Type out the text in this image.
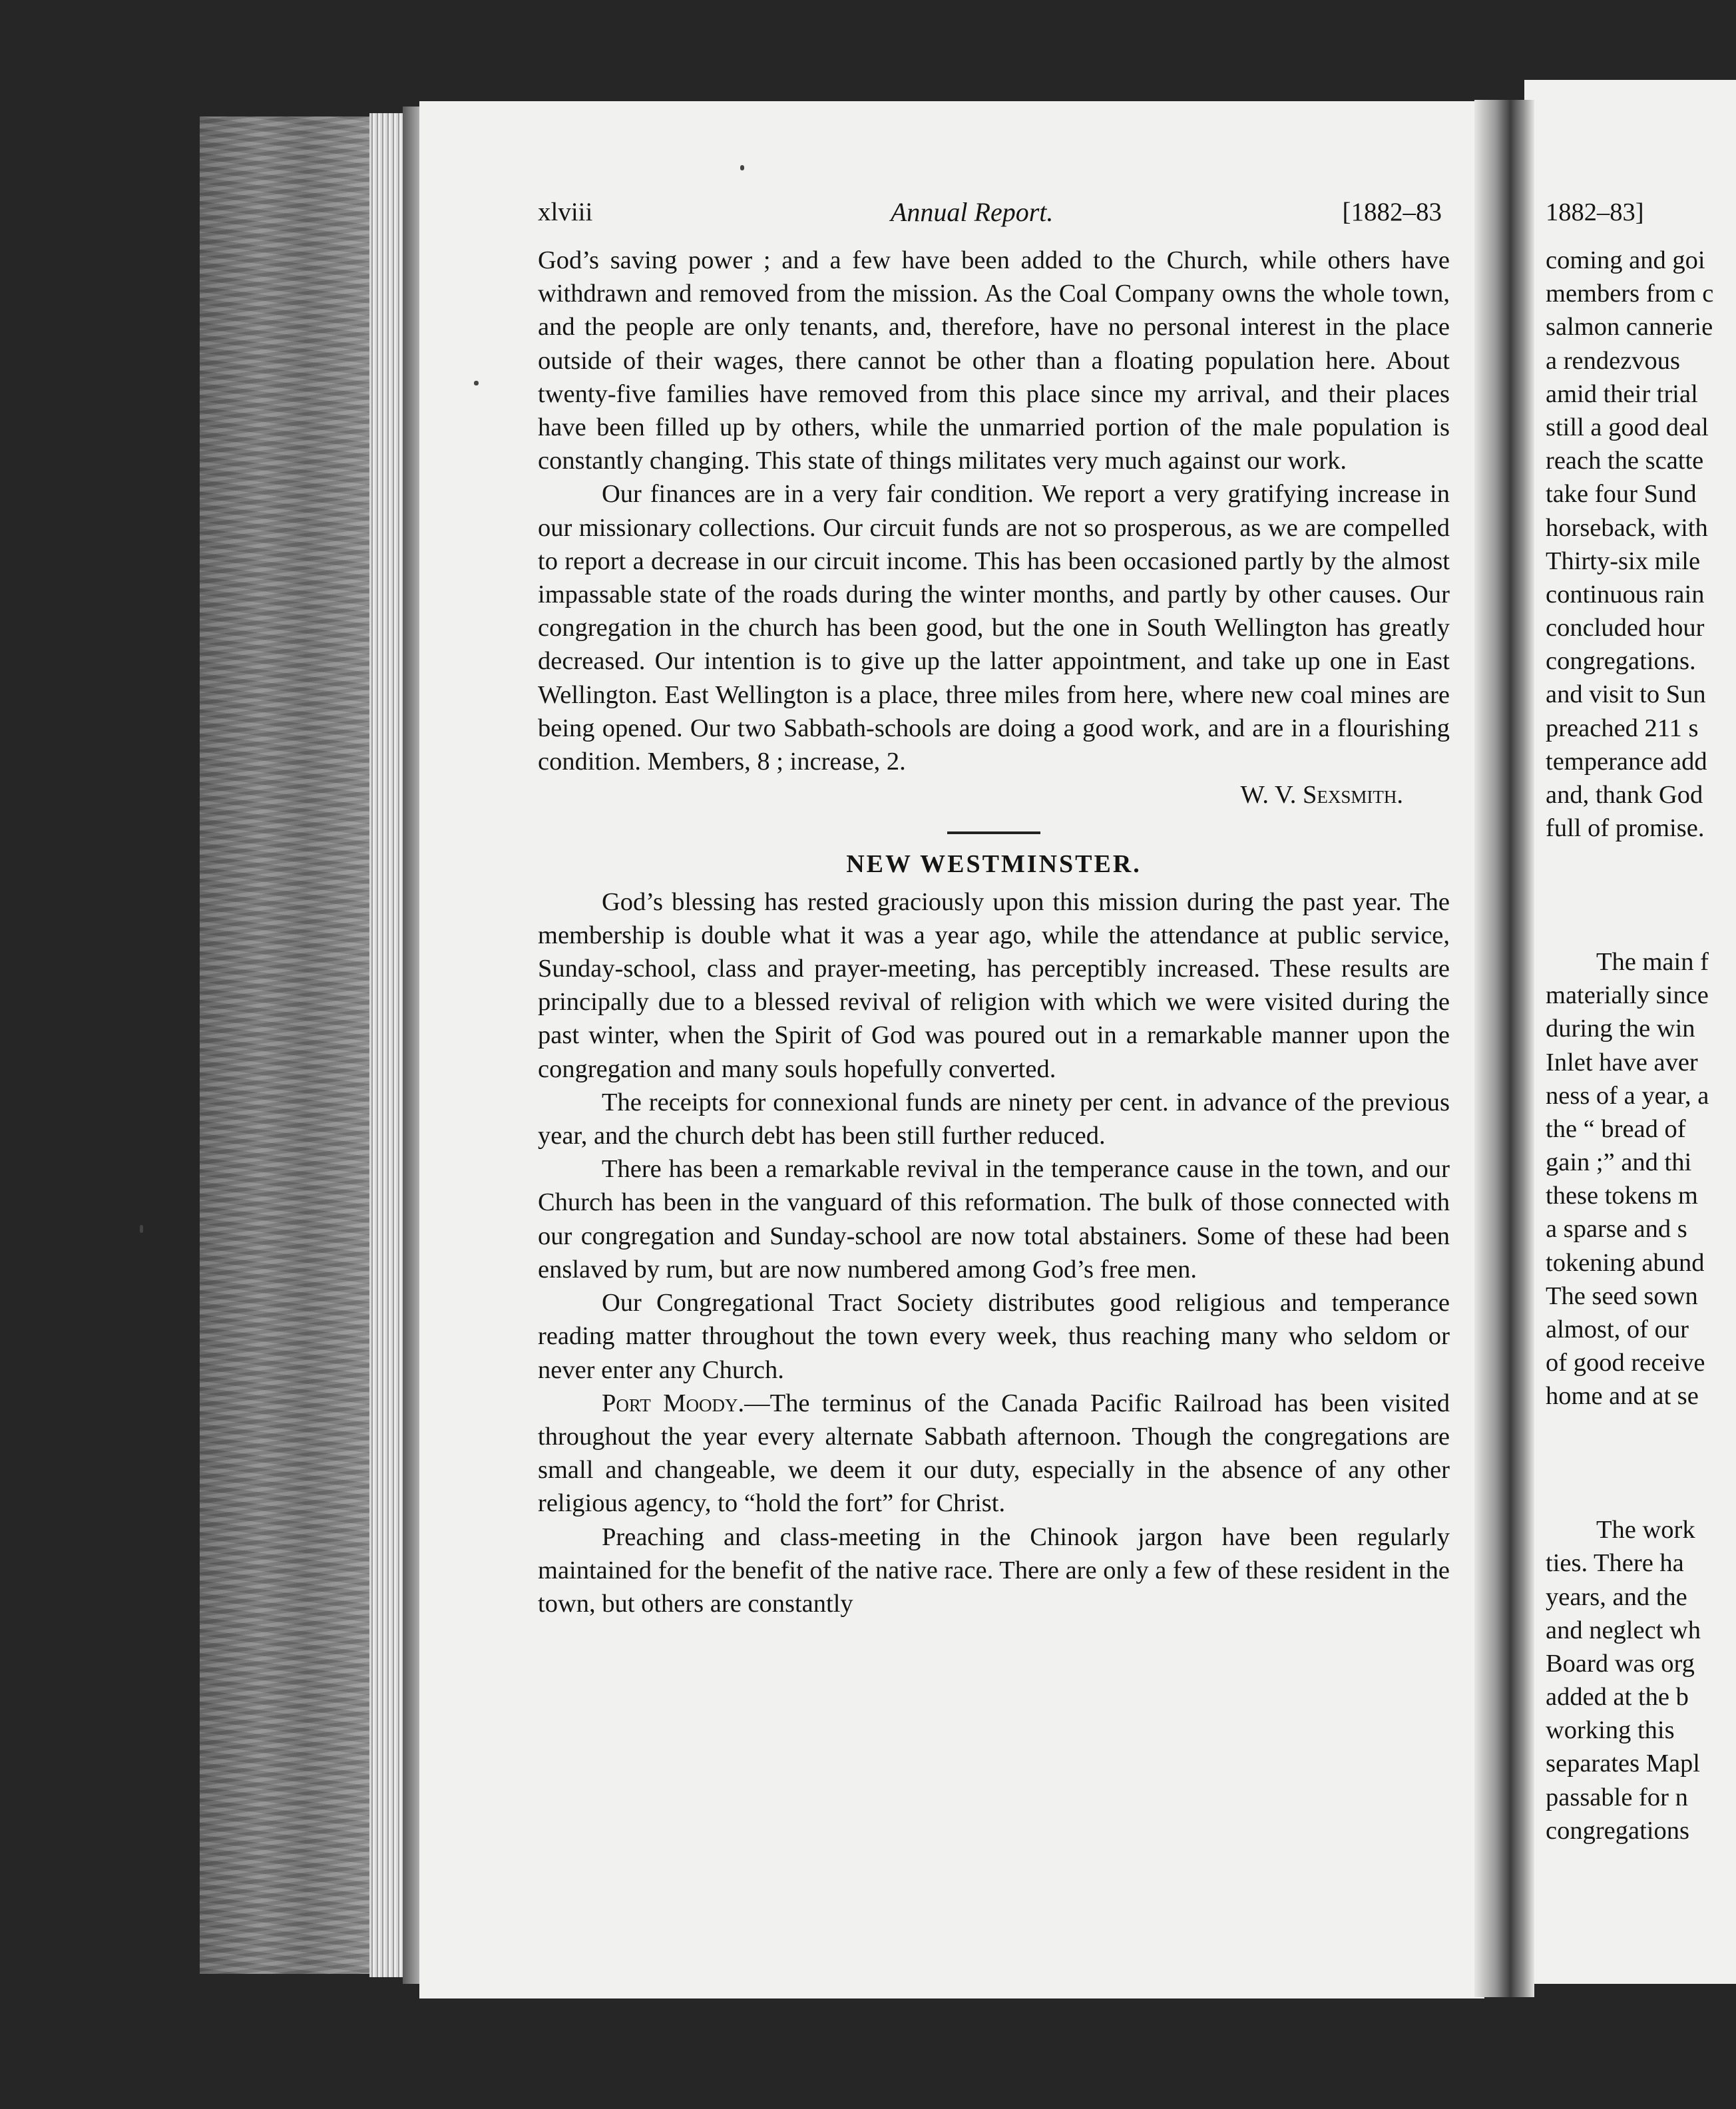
xlviii	Annual Report.	[1882–83

God’s saving power ; and a few have been added to the Church, while others have withdrawn and removed from the mission. As the Coal Company owns the whole town, and the people are only tenants, and, therefore, have no personal interest in the place outside of their wages, there cannot be other than a floating population here. About twenty-five families have removed from this place since my arrival, and their places have been filled up by others, while the unmarried portion of the male population is constantly changing. This state of things militates very much against our work.

Our finances are in a very fair condition. We report a very gratifying increase in our missionary collections. Our circuit funds are not so prosperous, as we are compelled to report a decrease in our circuit income. This has been occasioned partly by the almost impassable state of the roads during the winter months, and partly by other causes. Our congregation in the church has been good, but the one in South Wellington has greatly decreased. Our intention is to give up the latter appointment, and take up one in East Wellington. East Wellington is a place, three miles from here, where new coal mines are being opened. Our two Sabbath-schools are doing a good work, and are in a flourishing condition. Members, 8 ; increase, 2.

W. V. Sexsmith.

NEW WESTMINSTER.

God’s blessing has rested graciously upon this mission during the past year. The membership is double what it was a year ago, while the attendance at public service, Sunday-school, class and prayer-meeting, has perceptibly increased. These results are principally due to a blessed revival of religion with which we were visited during the past winter, when the Spirit of God was poured out in a remarkable manner upon the congregation and many souls hopefully converted.

The receipts for connexional funds are ninety per cent. in advance of the previous year, and the church debt has been still further reduced.

There has been a remarkable revival in the temperance cause in the town, and our Church has been in the vanguard of this reformation. The bulk of those connected with our congregation and Sunday-school are now total abstainers. Some of these had been enslaved by rum, but are now numbered among God’s free men.

Our Congregational Tract Society distributes good religious and temperance reading matter throughout the town every week, thus reaching many who seldom or never enter any Church.

Port Moody.—The terminus of the Canada Pacific Railroad has been visited throughout the year every alternate Sabbath afternoon. Though the congregations are small and changeable, we deem it our duty, especially in the absence of any other religious agency, to “hold the fort” for Christ.

Preaching and class-meeting in the Chinook jargon have been regularly maintained for the benefit of the native race. There are only a few of these resident in the town, but others are constantly

1882–83]
coming and goi
members from c
salmon cannerie
a rendezvous
amid their trial
still a good deal
reach the scatte
take four Sund
horseback, with
Thirty-six mile
continuous rain
concluded hour
congregations.
and visit to Sun
preached 211 s
temperance add
and, thank God
full of promise.
The main f
materially since
during the win
Inlet have aver
ness of a year, a
the “ bread of
gain ;” and thi
these tokens m
a sparse and s
tokening abund
The seed sown
almost, of our
of good receive
home and at se
The work
ties. There ha
years, and the
and neglect wh
Board was org
added at the b
working this
separates Mapl
passable for n
congregations
